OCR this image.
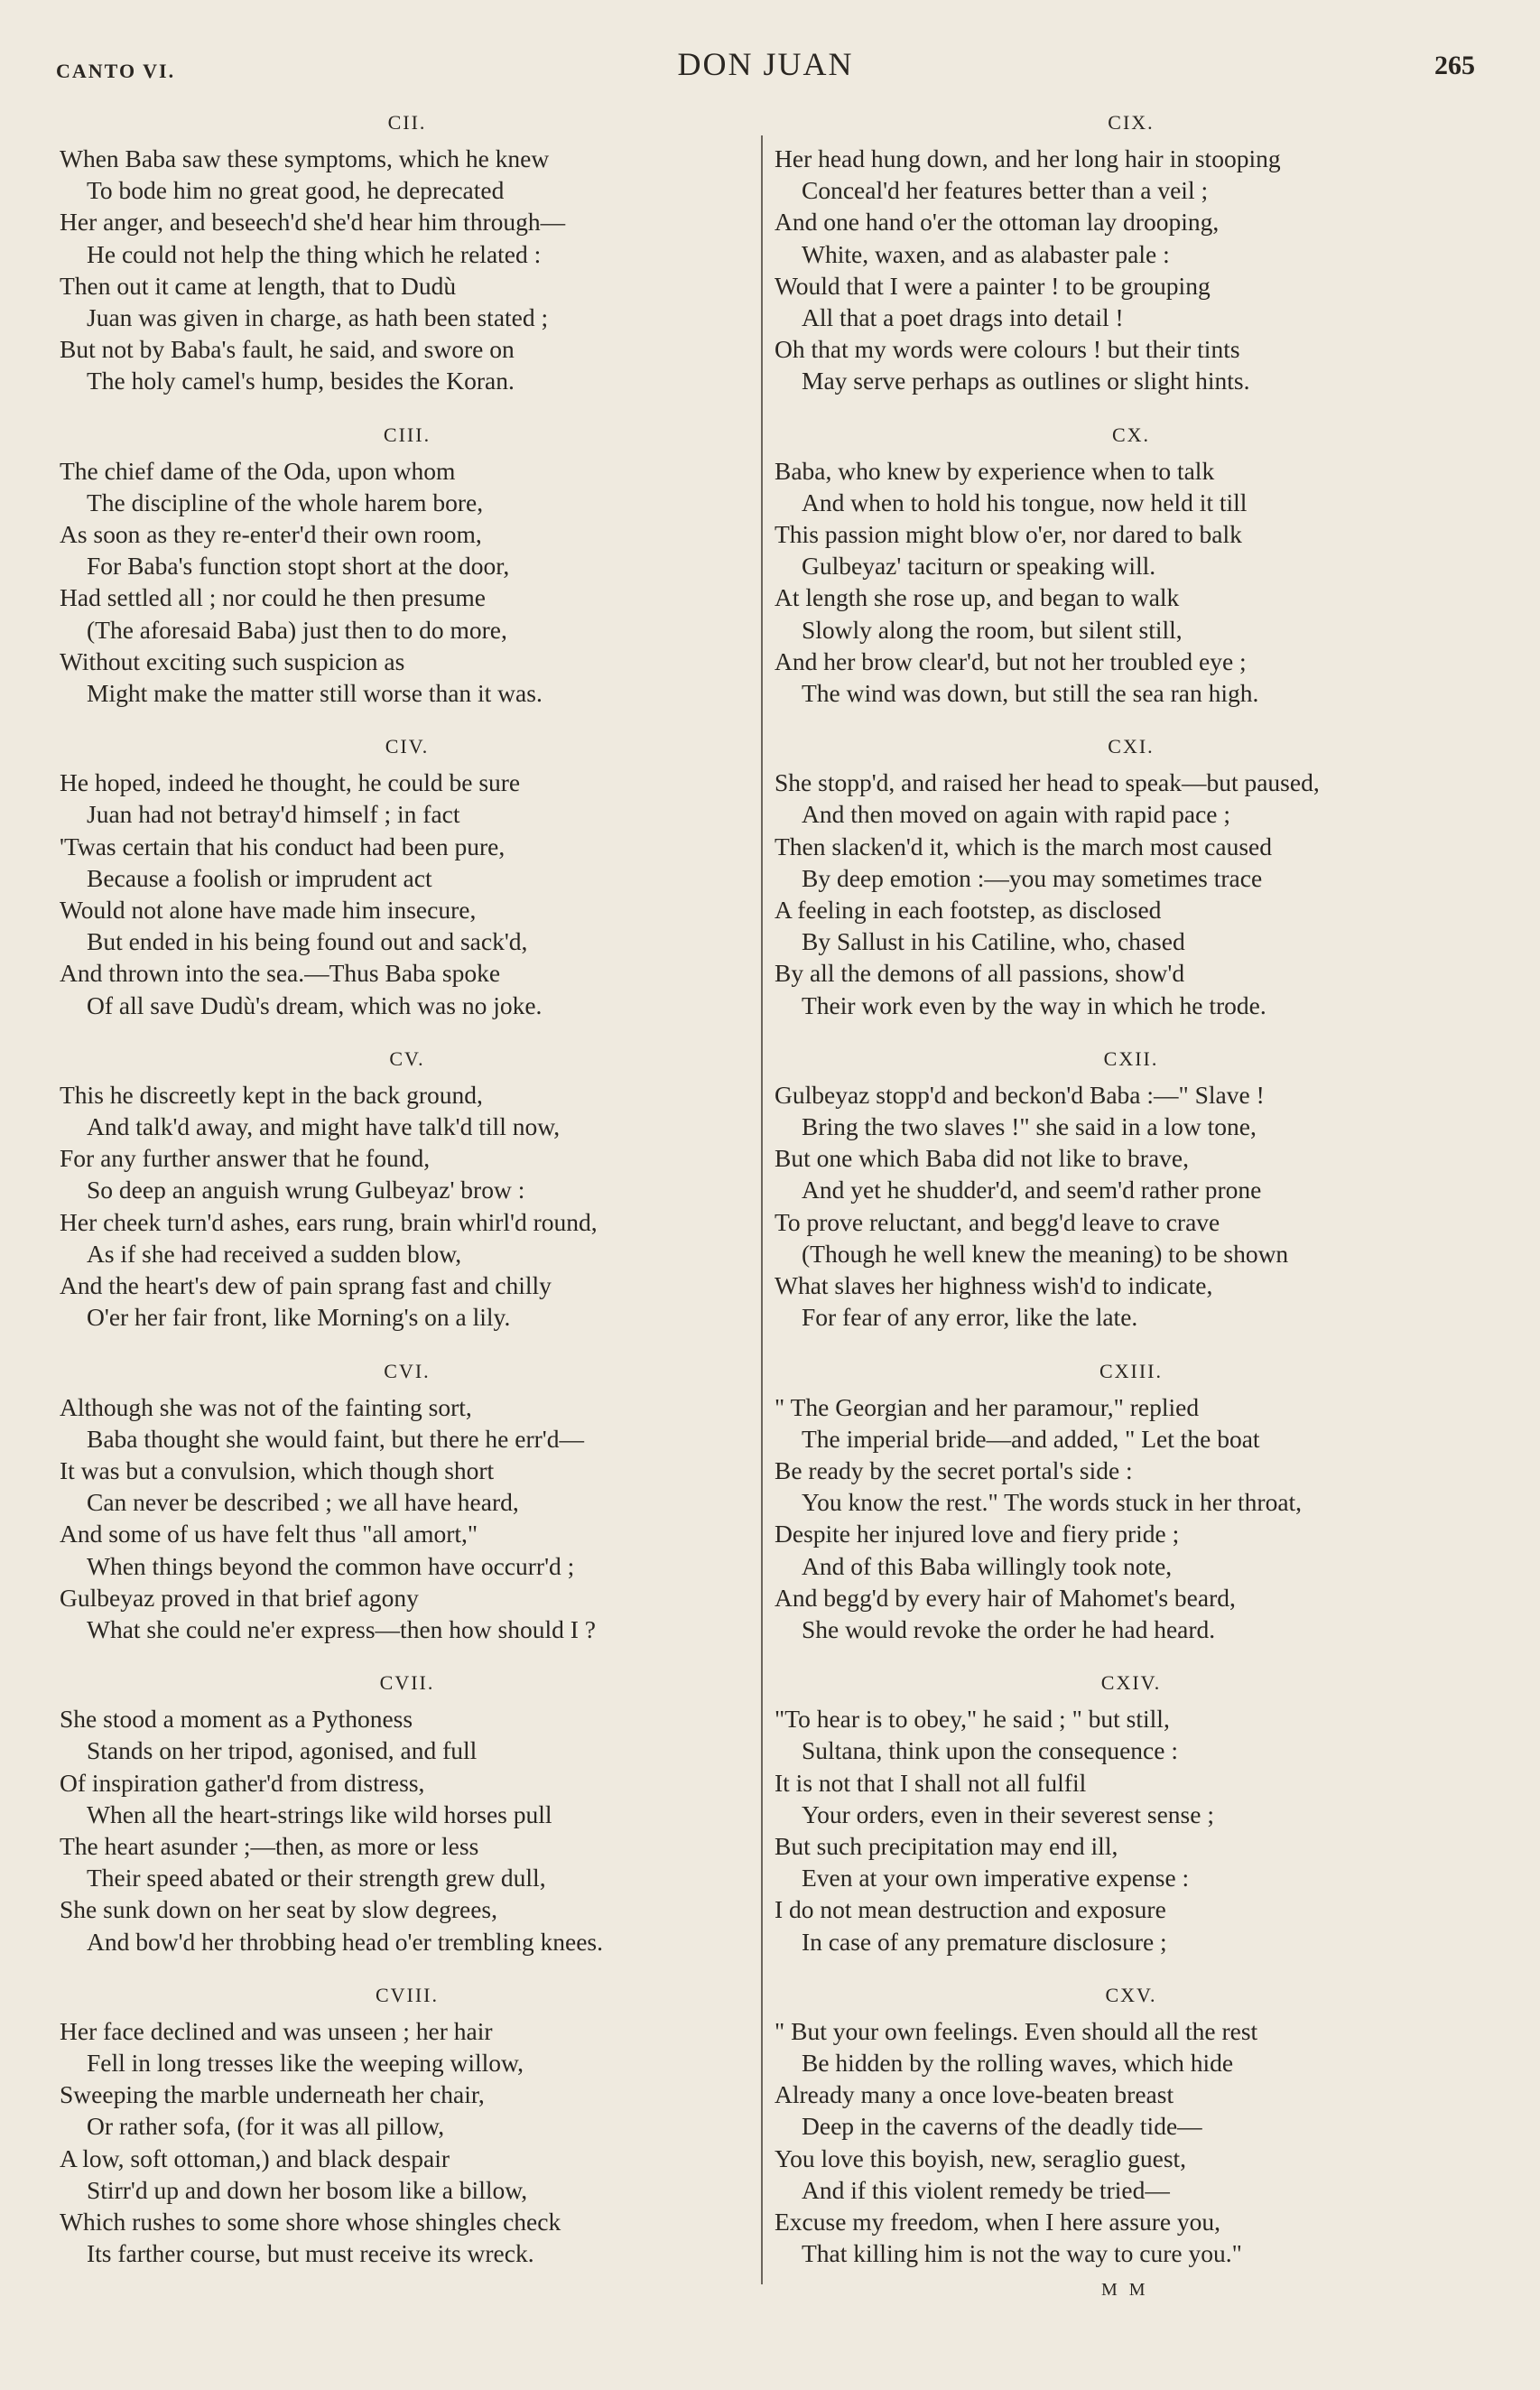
CANTO VI.	DON JUAN	265
CII.
When Baba saw these symptoms, which he knew
To bode him no great good, he deprecated
Her anger, and beseech'd she'd hear him through—
He could not help the thing which he related :
Then out it came at length, that to Dudù
Juan was given in charge, as hath been stated ;
But not by Baba's fault, he said, and swore on
The holy camel's hump, besides the Koran.
CIII.
The chief dame of the Oda, upon whom
The discipline of the whole harem bore,
As soon as they re-enter'd their own room,
For Baba's function stopt short at the door,
Had settled all ; nor could he then presume
(The aforesaid Baba) just then to do more,
Without exciting such suspicion as
Might make the matter still worse than it was.
CIV.
He hoped, indeed he thought, he could be sure
Juan had not betray'd himself ; in fact
'Twas certain that his conduct had been pure,
Because a foolish or imprudent act
Would not alone have made him insecure,
But ended in his being found out and sack'd,
And thrown into the sea.—Thus Baba spoke
Of all save Dudù's dream, which was no joke.
CV.
This he discreetly kept in the back ground,
And talk'd away, and might have talk'd till now,
For any further answer that he found,
So deep an anguish wrung Gulbeyaz' brow :
Her cheek turn'd ashes, ears rung, brain whirl'd round,
As if she had received a sudden blow,
And the heart's dew of pain sprang fast and chilly
O'er her fair front, like Morning's on a lily.
CVI.
Although she was not of the fainting sort,
Baba thought she would faint, but there he err'd—
It was but a convulsion, which though short
Can never be described ; we all have heard,
And some of us have felt thus "all amort,"
When things beyond the common have occurr'd ;
Gulbeyaz proved in that brief agony
What she could ne'er express—then how should I ?
CVII.
She stood a moment as a Pythoness
Stands on her tripod, agonised, and full
Of inspiration gather'd from distress,
When all the heart-strings like wild horses pull
The heart asunder ;—then, as more or less
Their speed abated or their strength grew dull,
She sunk down on her seat by slow degrees,
And bow'd her throbbing head o'er trembling knees.
CVIII.
Her face declined and was unseen ; her hair
Fell in long tresses like the weeping willow,
Sweeping the marble underneath her chair,
Or rather sofa, (for it was all pillow,
A low, soft ottoman,) and black despair
Stirr'd up and down her bosom like a billow,
Which rushes to some shore whose shingles check
Its farther course, but must receive its wreck.
CIX.
Her head hung down, and her long hair in stooping
Conceal'd her features better than a veil ;
And one hand o'er the ottoman lay drooping,
White, waxen, and as alabaster pale :
Would that I were a painter ! to be grouping
All that a poet drags into detail !
Oh that my words were colours ! but their tints
May serve perhaps as outlines or slight hints.
CX.
Baba, who knew by experience when to talk
And when to hold his tongue, now held it till
This passion might blow o'er, nor dared to balk
Gulbeyaz' taciturn or speaking will.
At length she rose up, and began to walk
Slowly along the room, but silent still,
And her brow clear'd, but not her troubled eye ;
The wind was down, but still the sea ran high.
CXI.
She stopp'd, and raised her head to speak—but paused,
And then moved on again with rapid pace ;
Then slacken'd it, which is the march most caused
By deep emotion :—you may sometimes trace
A feeling in each footstep, as disclosed
By Sallust in his Catiline, who, chased
By all the demons of all passions, show'd
Their work even by the way in which he trode.
CXII.
Gulbeyaz stopp'd and beckon'd Baba :—" Slave !
Bring the two slaves !" she said in a low tone,
But one which Baba did not like to brave,
And yet he shudder'd, and seem'd rather prone
To prove reluctant, and begg'd leave to crave
(Though he well knew the meaning) to be shown
What slaves her highness wish'd to indicate,
For fear of any error, like the late.
CXIII.
" The Georgian and her paramour," replied
The imperial bride—and added, " Let the boat
Be ready by the secret portal's side :
You know the rest." The words stuck in her throat,
Despite her injured love and fiery pride ;
And of this Baba willingly took note,
And begg'd by every hair of Mahomet's beard,
She would revoke the order he had heard.
CXIV.
"To hear is to obey," he said ; " but still,
Sultana, think upon the consequence :
It is not that I shall not all fulfil
Your orders, even in their severest sense ;
But such precipitation may end ill,
Even at your own imperative expense :
I do not mean destruction and exposure
In case of any premature disclosure ;
CXV.
" But your own feelings. Even should all the rest
Be hidden by the rolling waves, which hide
Already many a once love-beaten breast
Deep in the caverns of the deadly tide—
You love this boyish, new, seraglio guest,
And if this violent remedy be tried—
Excuse my freedom, when I here assure you,
That killing him is not the way to cure you."
M M
